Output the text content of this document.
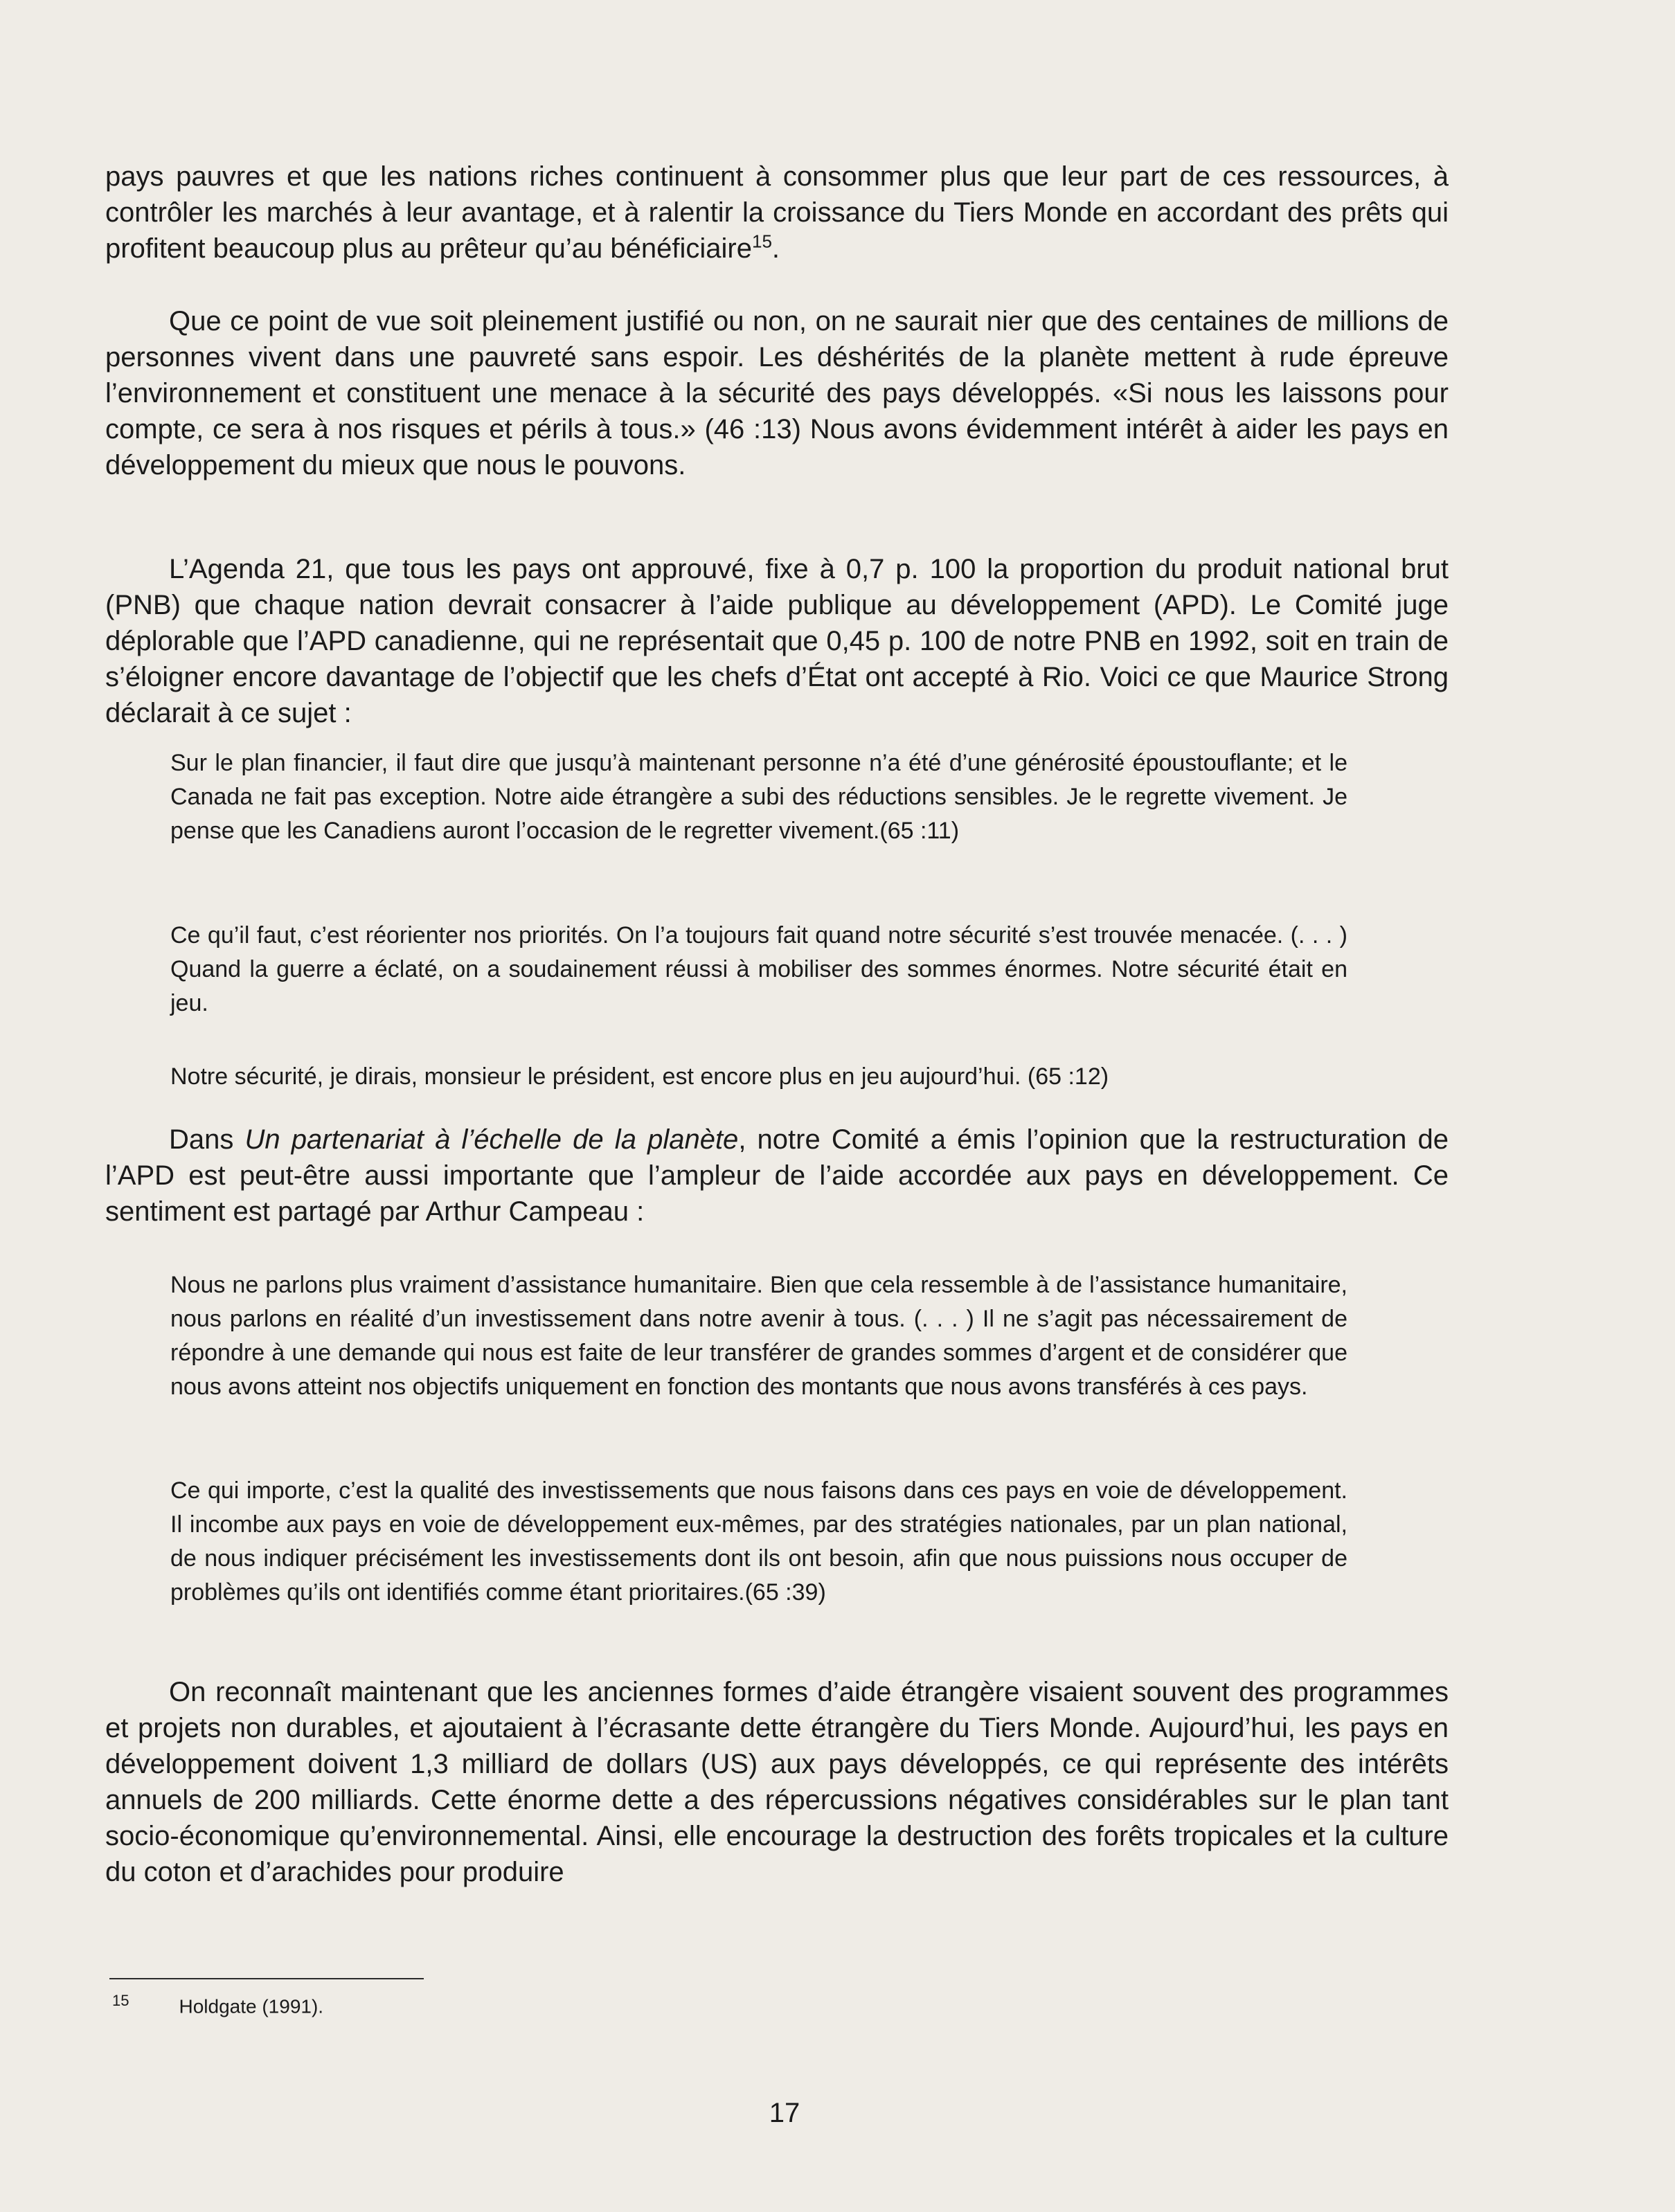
pays pauvres et que les nations riches continuent à consommer plus que leur part de ces ressources, à contrôler les marchés à leur avantage, et à ralentir la croissance du Tiers Monde en accordant des prêts qui profitent beaucoup plus au prêteur qu’au bénéficiaire$^{15}$.

Que ce point de vue soit pleinement justifié ou non, on ne saurait nier que des centaines de millions de personnes vivent dans une pauvreté sans espoir. Les déshérités de la planète mettent à rude épreuve l’environnement et constituent une menace à la sécurité des pays développés. «Si nous les laissons pour compte, ce sera à nos risques et périls à tous.» (46 :13) Nous avons évidemment intérêt à aider les pays en développement du mieux que nous le pouvons.

L’Agenda 21, que tous les pays ont approuvé, fixe à 0,7 p. 100 la proportion du produit national brut (PNB) que chaque nation devrait consacrer à l’aide publique au développement (APD). Le Comité juge déplorable que l’APD canadienne, qui ne représentait que 0,45 p. 100 de notre PNB en 1992, soit en train de s’éloigner encore davantage de l’objectif que les chefs d’État ont accepté à Rio. Voici ce que Maurice Strong déclarait à ce sujet :

Sur le plan financier, il faut dire que jusqu’à maintenant personne n’a été d’une générosité époustouflante; et le Canada ne fait pas exception. Notre aide étrangère a subi des réductions sensibles. Je le regrette vivement. Je pense que les Canadiens auront l’occasion de le regretter vivement.(65 :11)

Ce qu’il faut, c’est réorienter nos priorités. On l’a toujours fait quand notre sécurité s’est trouvée menacée. (. . . ) Quand la guerre a éclaté, on a soudainement réussi à mobiliser des sommes énormes. Notre sécurité était en jeu.

Notre sécurité, je dirais, monsieur le président, est encore plus en jeu aujourd’hui. (65 :12)

Dans Un partenariat à l’échelle de la planète, notre Comité a émis l’opinion que la restructuration de l’APD est peut-être aussi importante que l’ampleur de l’aide accordée aux pays en développement. Ce sentiment est partagé par Arthur Campeau :

Nous ne parlons plus vraiment d’assistance humanitaire. Bien que cela ressemble à de l’assistance humanitaire, nous parlons en réalité d’un investissement dans notre avenir à tous. (. . . ) Il ne s’agit pas nécessairement de répondre à une demande qui nous est faite de leur transférer de grandes sommes d’argent et de considérer que nous avons atteint nos objectifs uniquement en fonction des montants que nous avons transférés à ces pays.

Ce qui importe, c’est la qualité des investissements que nous faisons dans ces pays en voie de développement. Il incombe aux pays en voie de développement eux-mêmes, par des stratégies nationales, par un plan national, de nous indiquer précisément les investissements dont ils ont besoin, afin que nous puissions nous occuper de problèmes qu’ils ont identifiés comme étant prioritaires.(65 :39)

On reconnaît maintenant que les anciennes formes d’aide étrangère visaient souvent des programmes et projets non durables, et ajoutaient à l’écrasante dette étrangère du Tiers Monde. Aujourd’hui, les pays en développement doivent 1,3 milliard de dollars (US) aux pays développés, ce qui représente des intérêts annuels de 200 milliards. Cette énorme dette a des répercussions négatives considérables sur le plan tant socio-économique qu’environnemental. Ainsi, elle encourage la destruction des forêts tropicales et la culture du coton et d’arachides pour produire

$^{15}$	Holdgate (1991).
17
